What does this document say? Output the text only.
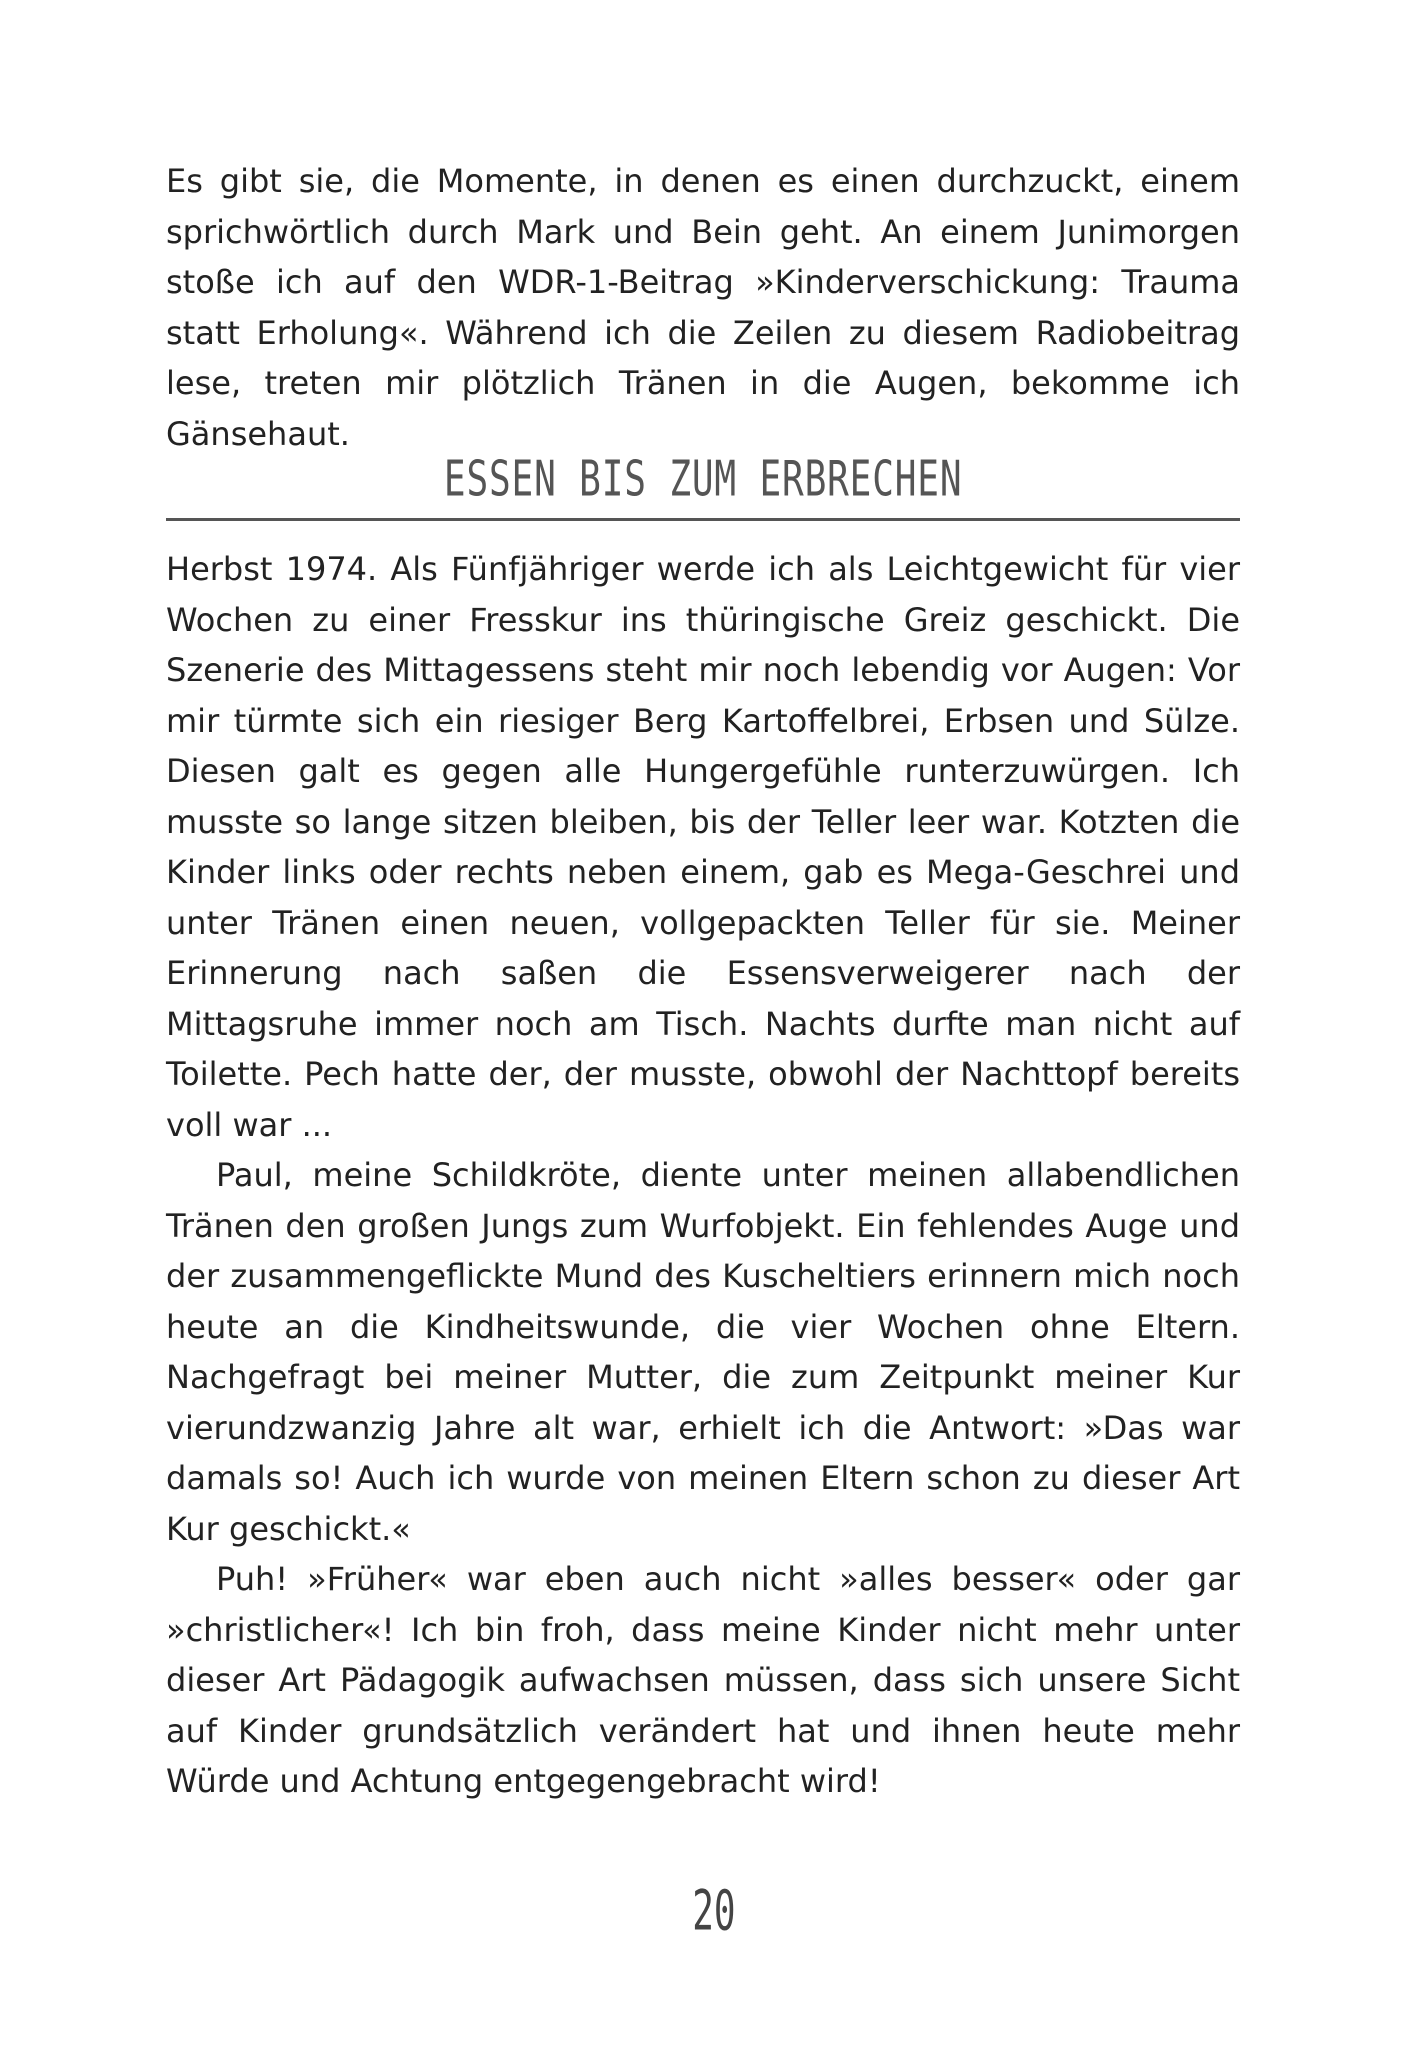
Es gibt sie, die Momente, in denen es einen durchzuckt, einem sprichwörtlich durch Mark und Bein geht. An einem Junimorgen stoße ich auf den WDR-1-Beitrag »Kinderverschickung: Trauma statt Erholung«. Während ich die Zeilen zu diesem Radiobeitrag lese, treten mir plötzlich Tränen in die Augen, bekomme ich Gänsehaut.

ESSEN BIS ZUM ERBRECHEN

Herbst 1974. Als Fünfjähriger werde ich als Leichtgewicht für vier Wochen zu einer Fresskur ins thüringische Greiz geschickt. Die Szenerie des Mittagessens steht mir noch lebendig vor Augen: Vor mir türmte sich ein riesiger Berg Kartoffelbrei, Erbsen und Sülze. Diesen galt es gegen alle Hungergefühle runterzuwürgen. Ich musste so lange sitzen bleiben, bis der Teller leer war. Kotzten die Kinder links oder rechts neben einem, gab es Mega-Geschrei und unter Tränen einen neuen, vollgepackten Teller für sie. Meiner Erinnerung nach saßen die Essensverweigerer nach der Mittagsruhe immer noch am Tisch. Nachts durfte man nicht auf Toilette. Pech hatte der, der musste, obwohl der Nachttopf bereits voll war ...

Paul, meine Schildkröte, diente unter meinen allabendlichen Tränen den großen Jungs zum Wurfobjekt. Ein fehlendes Auge und der zusammengeflickte Mund des Kuscheltiers erinnern mich noch heute an die Kindheitswunde, die vier Wochen ohne Eltern. Nachgefragt bei meiner Mutter, die zum Zeitpunkt meiner Kur vierundzwanzig Jahre alt war, erhielt ich die Antwort: »Das war damals so! Auch ich wurde von meinen Eltern schon zu dieser Art Kur geschickt.«

Puh! »Früher« war eben auch nicht »alles besser« oder gar »christlicher«! Ich bin froh, dass meine Kinder nicht mehr unter dieser Art Pädagogik aufwachsen müssen, dass sich unsere Sicht auf Kinder grundsätzlich verändert hat und ihnen heute mehr Würde und Achtung entgegengebracht wird!

20
